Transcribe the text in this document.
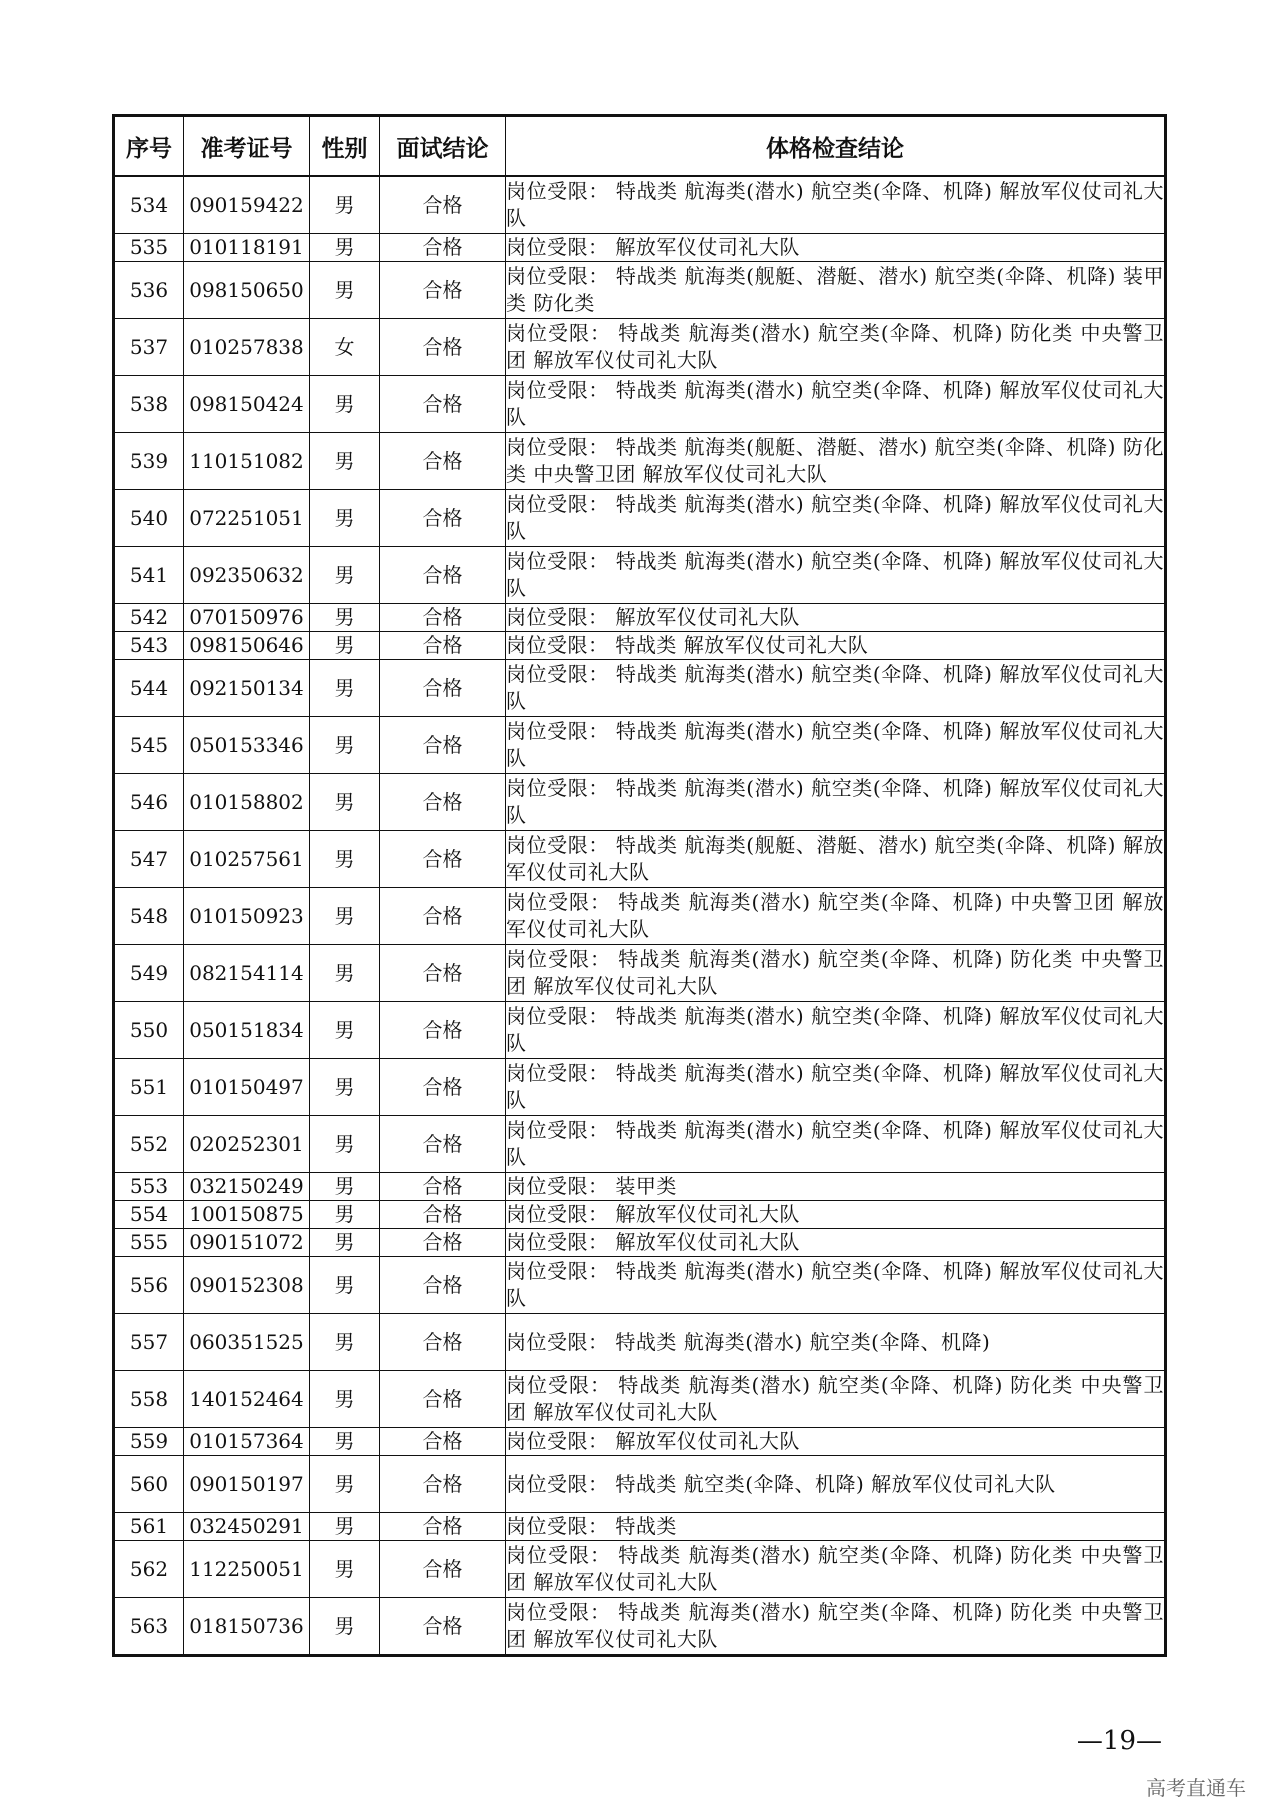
序号	准考证号	性别	面试结论	体格检查结论
534	090159422	男	合格	岗位受限： 特战类 航海类(潜水) 航空类(伞降、机降) 解放军仪仗司礼大队
535	010118191	男	合格	岗位受限： 解放军仪仗司礼大队
536	098150650	男	合格	岗位受限： 特战类 航海类(舰艇、潜艇、潜水) 航空类(伞降、机降) 装甲类 防化类
537	010257838	女	合格	岗位受限： 特战类 航海类(潜水) 航空类(伞降、机降) 防化类 中央警卫团 解放军仪仗司礼大队
538	098150424	男	合格	岗位受限： 特战类 航海类(潜水) 航空类(伞降、机降) 解放军仪仗司礼大队
539	110151082	男	合格	岗位受限： 特战类 航海类(舰艇、潜艇、潜水) 航空类(伞降、机降) 防化类 中央警卫团 解放军仪仗司礼大队
540	072251051	男	合格	岗位受限： 特战类 航海类(潜水) 航空类(伞降、机降) 解放军仪仗司礼大队
541	092350632	男	合格	岗位受限： 特战类 航海类(潜水) 航空类(伞降、机降) 解放军仪仗司礼大队
542	070150976	男	合格	岗位受限： 解放军仪仗司礼大队
543	098150646	男	合格	岗位受限： 特战类 解放军仪仗司礼大队
544	092150134	男	合格	岗位受限： 特战类 航海类(潜水) 航空类(伞降、机降) 解放军仪仗司礼大队
545	050153346	男	合格	岗位受限： 特战类 航海类(潜水) 航空类(伞降、机降) 解放军仪仗司礼大队
546	010158802	男	合格	岗位受限： 特战类 航海类(潜水) 航空类(伞降、机降) 解放军仪仗司礼大队
547	010257561	男	合格	岗位受限： 特战类 航海类(舰艇、潜艇、潜水) 航空类(伞降、机降) 解放军仪仗司礼大队
548	010150923	男	合格	岗位受限： 特战类 航海类(潜水) 航空类(伞降、机降) 中央警卫团 解放军仪仗司礼大队
549	082154114	男	合格	岗位受限： 特战类 航海类(潜水) 航空类(伞降、机降) 防化类 中央警卫团 解放军仪仗司礼大队
550	050151834	男	合格	岗位受限： 特战类 航海类(潜水) 航空类(伞降、机降) 解放军仪仗司礼大队
551	010150497	男	合格	岗位受限： 特战类 航海类(潜水) 航空类(伞降、机降) 解放军仪仗司礼大队
552	020252301	男	合格	岗位受限： 特战类 航海类(潜水) 航空类(伞降、机降) 解放军仪仗司礼大队
553	032150249	男	合格	岗位受限： 装甲类
554	100150875	男	合格	岗位受限： 解放军仪仗司礼大队
555	090151072	男	合格	岗位受限： 解放军仪仗司礼大队
556	090152308	男	合格	岗位受限： 特战类 航海类(潜水) 航空类(伞降、机降) 解放军仪仗司礼大队
557	060351525	男	合格	岗位受限： 特战类 航海类(潜水) 航空类(伞降、机降)
558	140152464	男	合格	岗位受限： 特战类 航海类(潜水) 航空类(伞降、机降) 防化类 中央警卫团 解放军仪仗司礼大队
559	010157364	男	合格	岗位受限： 解放军仪仗司礼大队
560	090150197	男	合格	岗位受限： 特战类 航空类(伞降、机降) 解放军仪仗司礼大队
561	032450291	男	合格	岗位受限： 特战类
562	112250051	男	合格	岗位受限： 特战类 航海类(潜水) 航空类(伞降、机降) 防化类 中央警卫团 解放军仪仗司礼大队
563	018150736	男	合格	岗位受限： 特战类 航海类(潜水) 航空类(伞降、机降) 防化类 中央警卫团 解放军仪仗司礼大队
—19—
高考直通车
